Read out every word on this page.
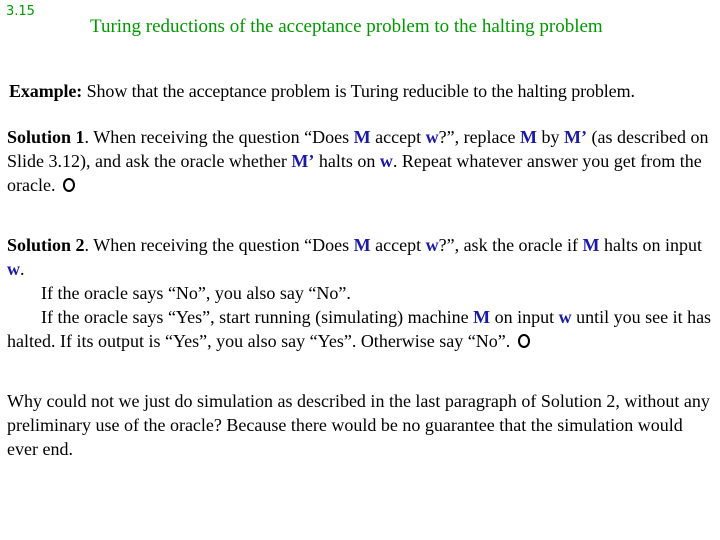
3.15
Turing reductions of the acceptance problem to the halting problem
Example: Show that the acceptance problem is Turing reducible to the halting problem.
Solution 1. When receiving the question “Does M accept w?”, replace M by M’ (as described on Slide 3.12), and ask the oracle whether M’ halts on w. Repeat whatever answer you get from the oracle.
Solution 2. When receiving the question “Does M accept w?”, ask the oracle if M halts on input w.
If the oracle says “No”, you also say “No”.
If the oracle says “Yes”, start running (simulating) machine M on input w until you see it has halted. If its output is “Yes”, you also say “Yes”. Otherwise say “No”.
Why could not we just do simulation as described in the last paragraph of Solution 2, without any preliminary use of the oracle? Because there would be no guarantee that the simulation would ever end.
